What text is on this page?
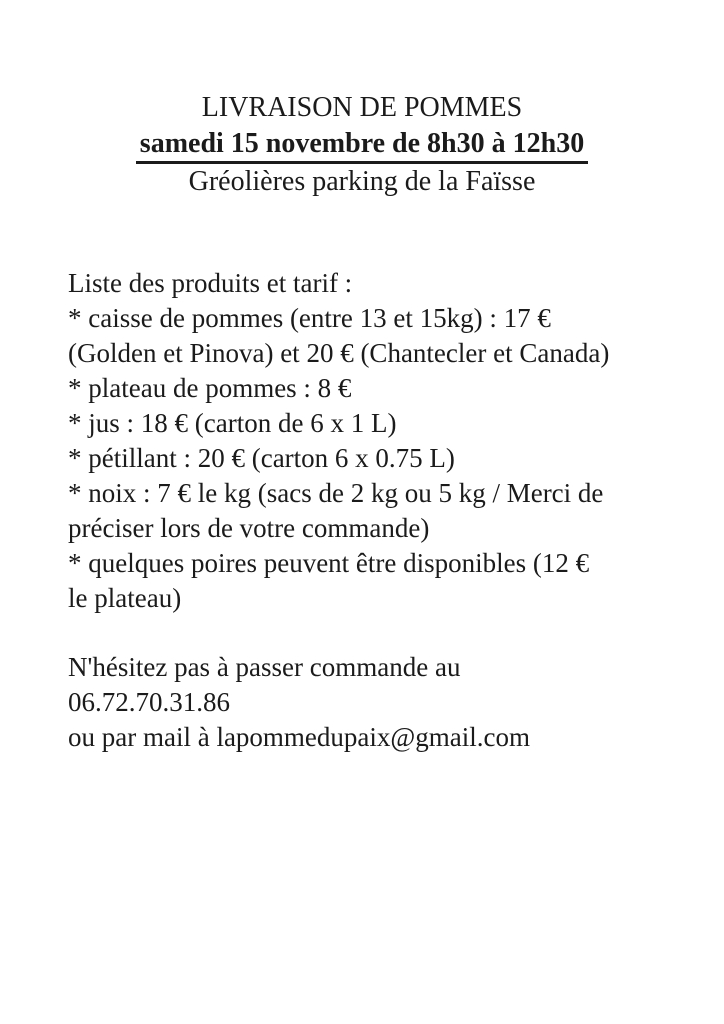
LIVRAISON DE POMMES
samedi 15 novembre de 8h30 à 12h30
Gréolières parking de la Faïsse
Liste des produits et tarif :
* caisse de pommes (entre 13 et 15kg) : 17 €
(Golden et Pinova) et 20 € (Chantecler et Canada)
* plateau de pommes : 8 €
* jus : 18 € (carton de 6 x 1 L)
* pétillant : 20 € (carton 6 x 0.75 L)
* noix : 7 € le kg (sacs de 2 kg ou 5 kg / Merci de
préciser lors de votre commande)
* quelques poires peuvent être disponibles (12 €
le plateau)
N'hésitez pas à passer commande au
06.72.70.31.86
ou par mail à lapommedupaix@gmail.com
